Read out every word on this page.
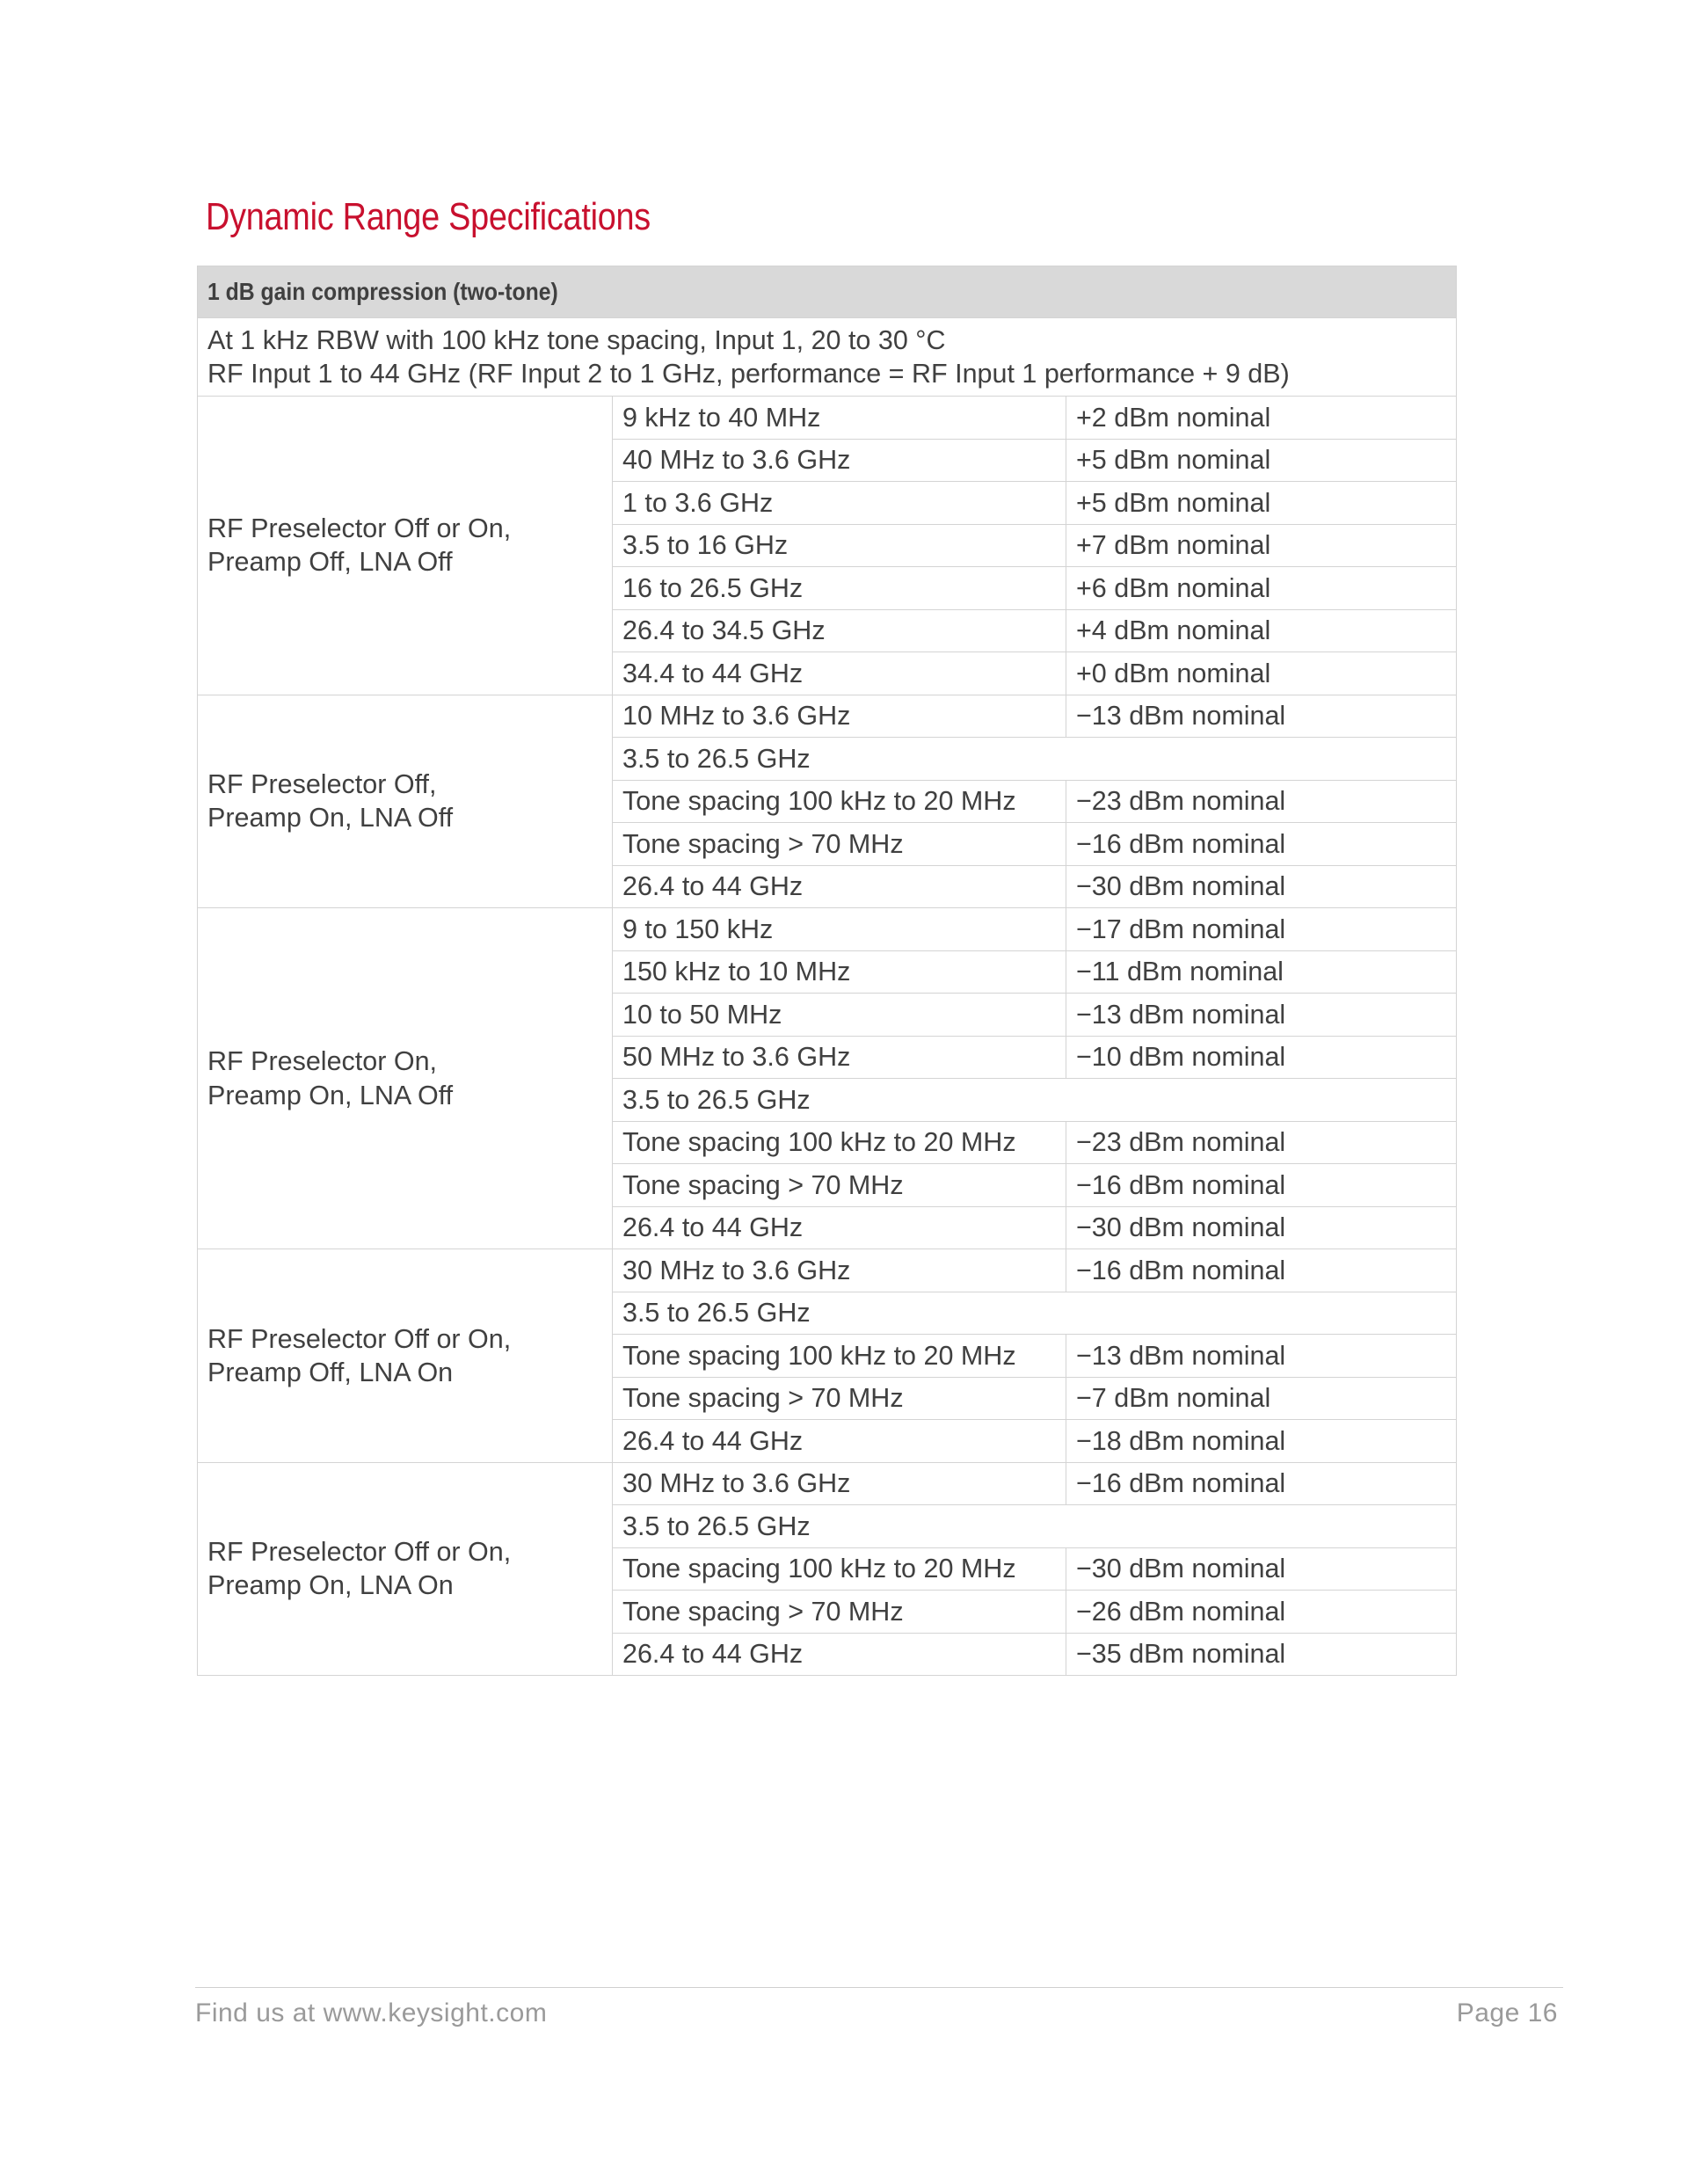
Dynamic Range Specifications
1 dB gain compression (two-tone)		

At 1 kHz RBW with 100 kHz tone spacing, Input 1, 20 to 30 °C
RF Input 1 to 44 GHz (RF Input 2 to 1 GHz, performance = RF Input 1 performance + 9 dB)		

RF Preselector Off or On,
Preamp Off, LNA Off	9 kHz to 40 MHz	+2 dBm nominal
	40 MHz to 3.6 GHz	+5 dBm nominal
	1 to 3.6 GHz	+5 dBm nominal
	3.5 to 16 GHz	+7 dBm nominal
	16 to 26.5 GHz	+6 dBm nominal
	26.4 to 34.5 GHz	+4 dBm nominal
	34.4 to 44 GHz	+0 dBm nominal

RF Preselector Off,
Preamp On, LNA Off	10 MHz to 3.6 GHz	−13 dBm nominal
	3.5 to 26.5 GHz	
	Tone spacing 100 kHz to 20 MHz	−23 dBm nominal
	Tone spacing > 70 MHz	−16 dBm nominal
	26.4 to 44 GHz	−30 dBm nominal

RF Preselector On,
Preamp On, LNA Off	9 to 150 kHz	−17 dBm nominal
	150 kHz to 10 MHz	−11 dBm nominal
	10 to 50 MHz	−13 dBm nominal
	50 MHz to 3.6 GHz	−10 dBm nominal
	3.5 to 26.5 GHz	
	Tone spacing 100 kHz to 20 MHz	−23 dBm nominal
	Tone spacing > 70 MHz	−16 dBm nominal
	26.4 to 44 GHz	−30 dBm nominal

RF Preselector Off or On,
Preamp Off, LNA On	30 MHz to 3.6 GHz	−16 dBm nominal
	3.5 to 26.5 GHz	
	Tone spacing 100 kHz to 20 MHz	−13 dBm nominal
	Tone spacing > 70 MHz	−7 dBm nominal
	26.4 to 44 GHz	−18 dBm nominal

RF Preselector Off or On,
Preamp On, LNA On	30 MHz to 3.6 GHz	−16 dBm nominal
	3.5 to 26.5 GHz	
	Tone spacing 100 kHz to 20 MHz	−30 dBm nominal
	Tone spacing > 70 MHz	−26 dBm nominal
	26.4 to 44 GHz	−35 dBm nominal
Find us at www.keysight.com	Page 16
